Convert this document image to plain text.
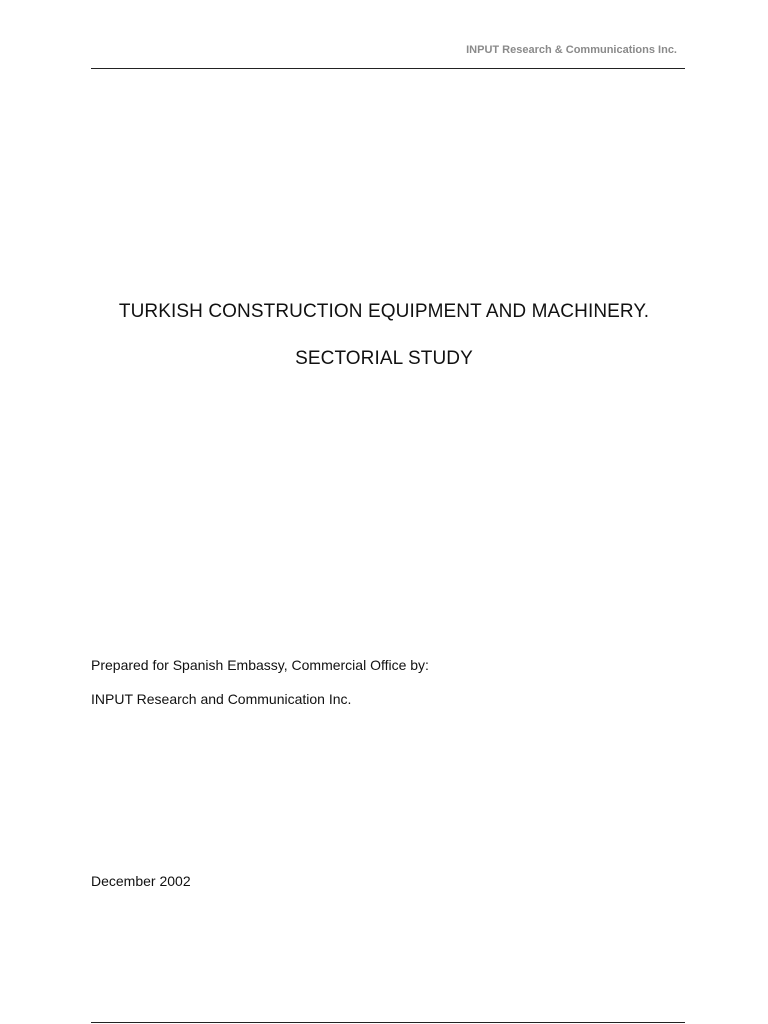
INPUT Research & Communications Inc.
TURKISH CONSTRUCTION EQUIPMENT AND MACHINERY.
SECTORIAL STUDY
Prepared for Spanish Embassy, Commercial Office by:
INPUT Research and Communication Inc.
December 2002
